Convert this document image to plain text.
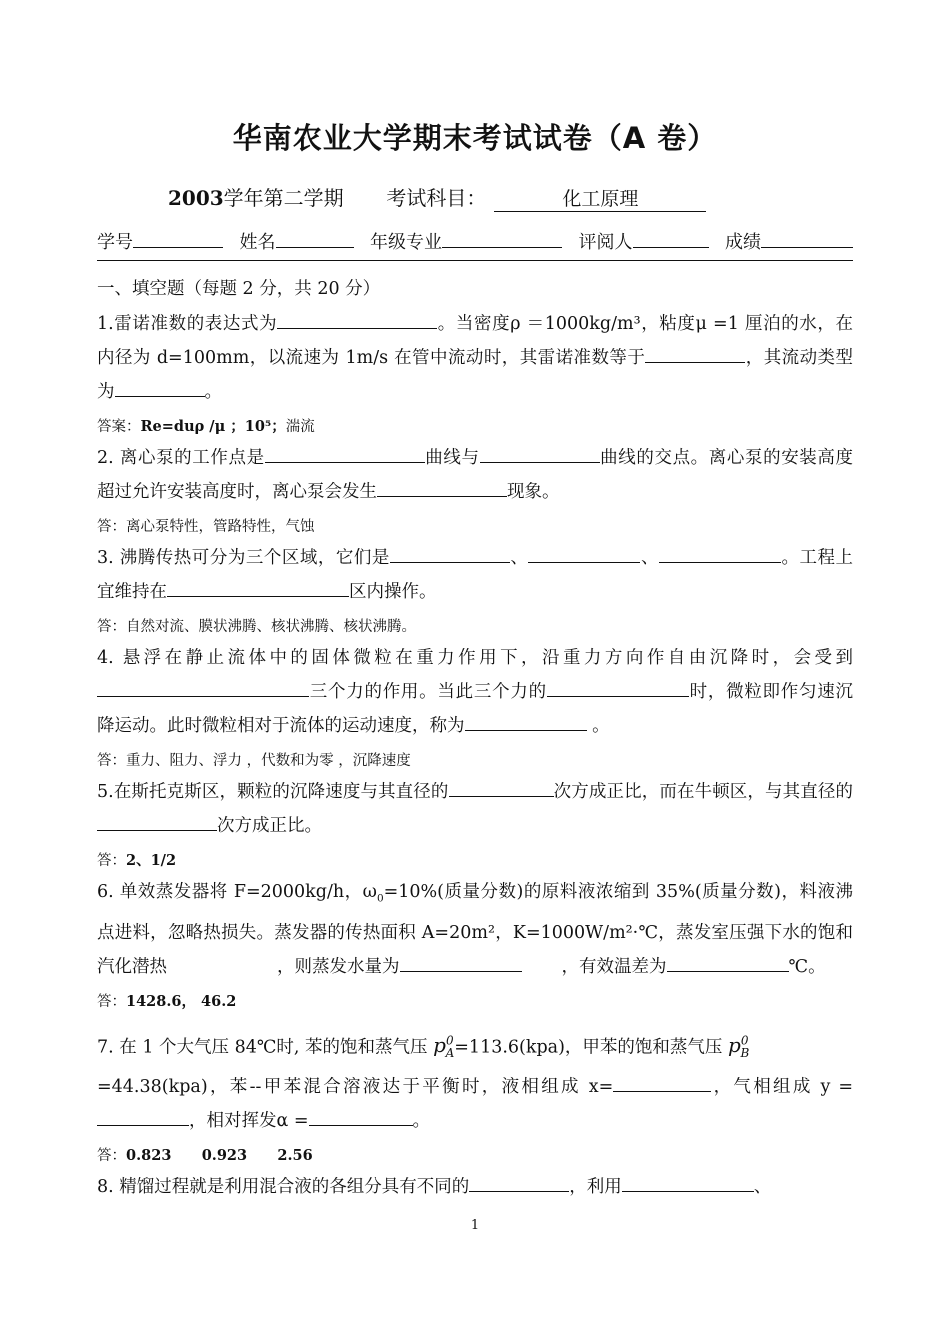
华南农业大学期末考试试卷（A 卷）
2003学年第二学期 考试科目：	化工原理
学号	姓名	年级专业	评阅人	成绩
一、填空题（每题 2 分，共 20 分）
1.雷诺准数的表达式为	。当密度ρ ＝1000kg/m³，粘度μ =1 厘泊的水，在内径为 d=100mm，以流速为 1m/s 在管中流动时，其雷诺准数等于	，其流动类型为	。
答案：Re=duρ /μ ；10⁵；湍流
2. 离心泵的工作点是	曲线与	曲线的交点。离心泵的安装高度超过允许安装高度时，离心泵会发生	现象。
答：离心泵特性，管路特性，气蚀
3. 沸腾传热可分为三个区域，它们是	、	、	。工程上宜维持在	区内操作。
答：自然对流、膜状沸腾、核状沸腾、核状沸腾。
4. 悬浮在静止流体中的固体微粒在重力作用下，沿重力方向作自由沉降时，会受到三个力的作用。当此三个力的	时，微粒即作匀速沉降运动。此时微粒相对于流体的运动速度，称为	。
答：重力、阻力、浮力 ，代数和为零 ，沉降速度
5.在斯托克斯区，颗粒的沉降速度与其直径的	次方成正比，而在牛顿区，与其直径的次方成正比。
答：2、1/2
6. 单效蒸发器将 F=2000kg/h，$\omega_0=10\%$(质量分数)的原料液浓缩到 35%(质量分数)，料液沸点进料，忽略热损失。蒸发器的传热面积 A=20m²，K=1000W/m²·℃，蒸发室压强下水的饱和汽化潜热	，则蒸发水量为	，有效温差为	℃。
答：1428.6， 46.2
7. 在 1 个大气压 84℃时, 苯的饱和蒸气压 $p^0_A=113.6(kpa)$，甲苯的饱和蒸气压 $p^0_B$
=44.38(kpa)，苯--甲苯混合溶液达于平衡时，液相组成 x=	，气相组成 y =，相对挥发α =	。
答：0.823      0.923      2.56
8. 精馏过程就是利用混合液的各组分具有不同的	，利用	、
1
